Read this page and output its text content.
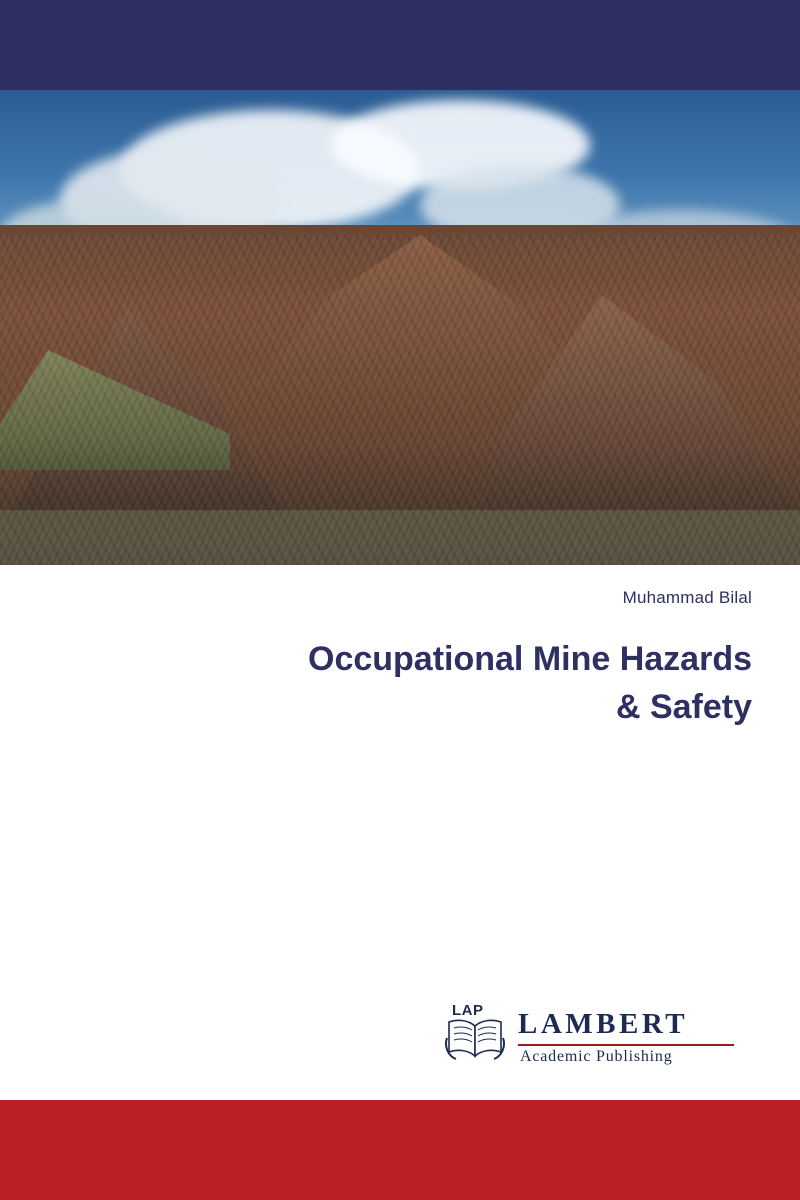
Muhammad Bilal
Occupational Mine Hazards
& Safety
LAP LAMBERT
Academic Publishing
